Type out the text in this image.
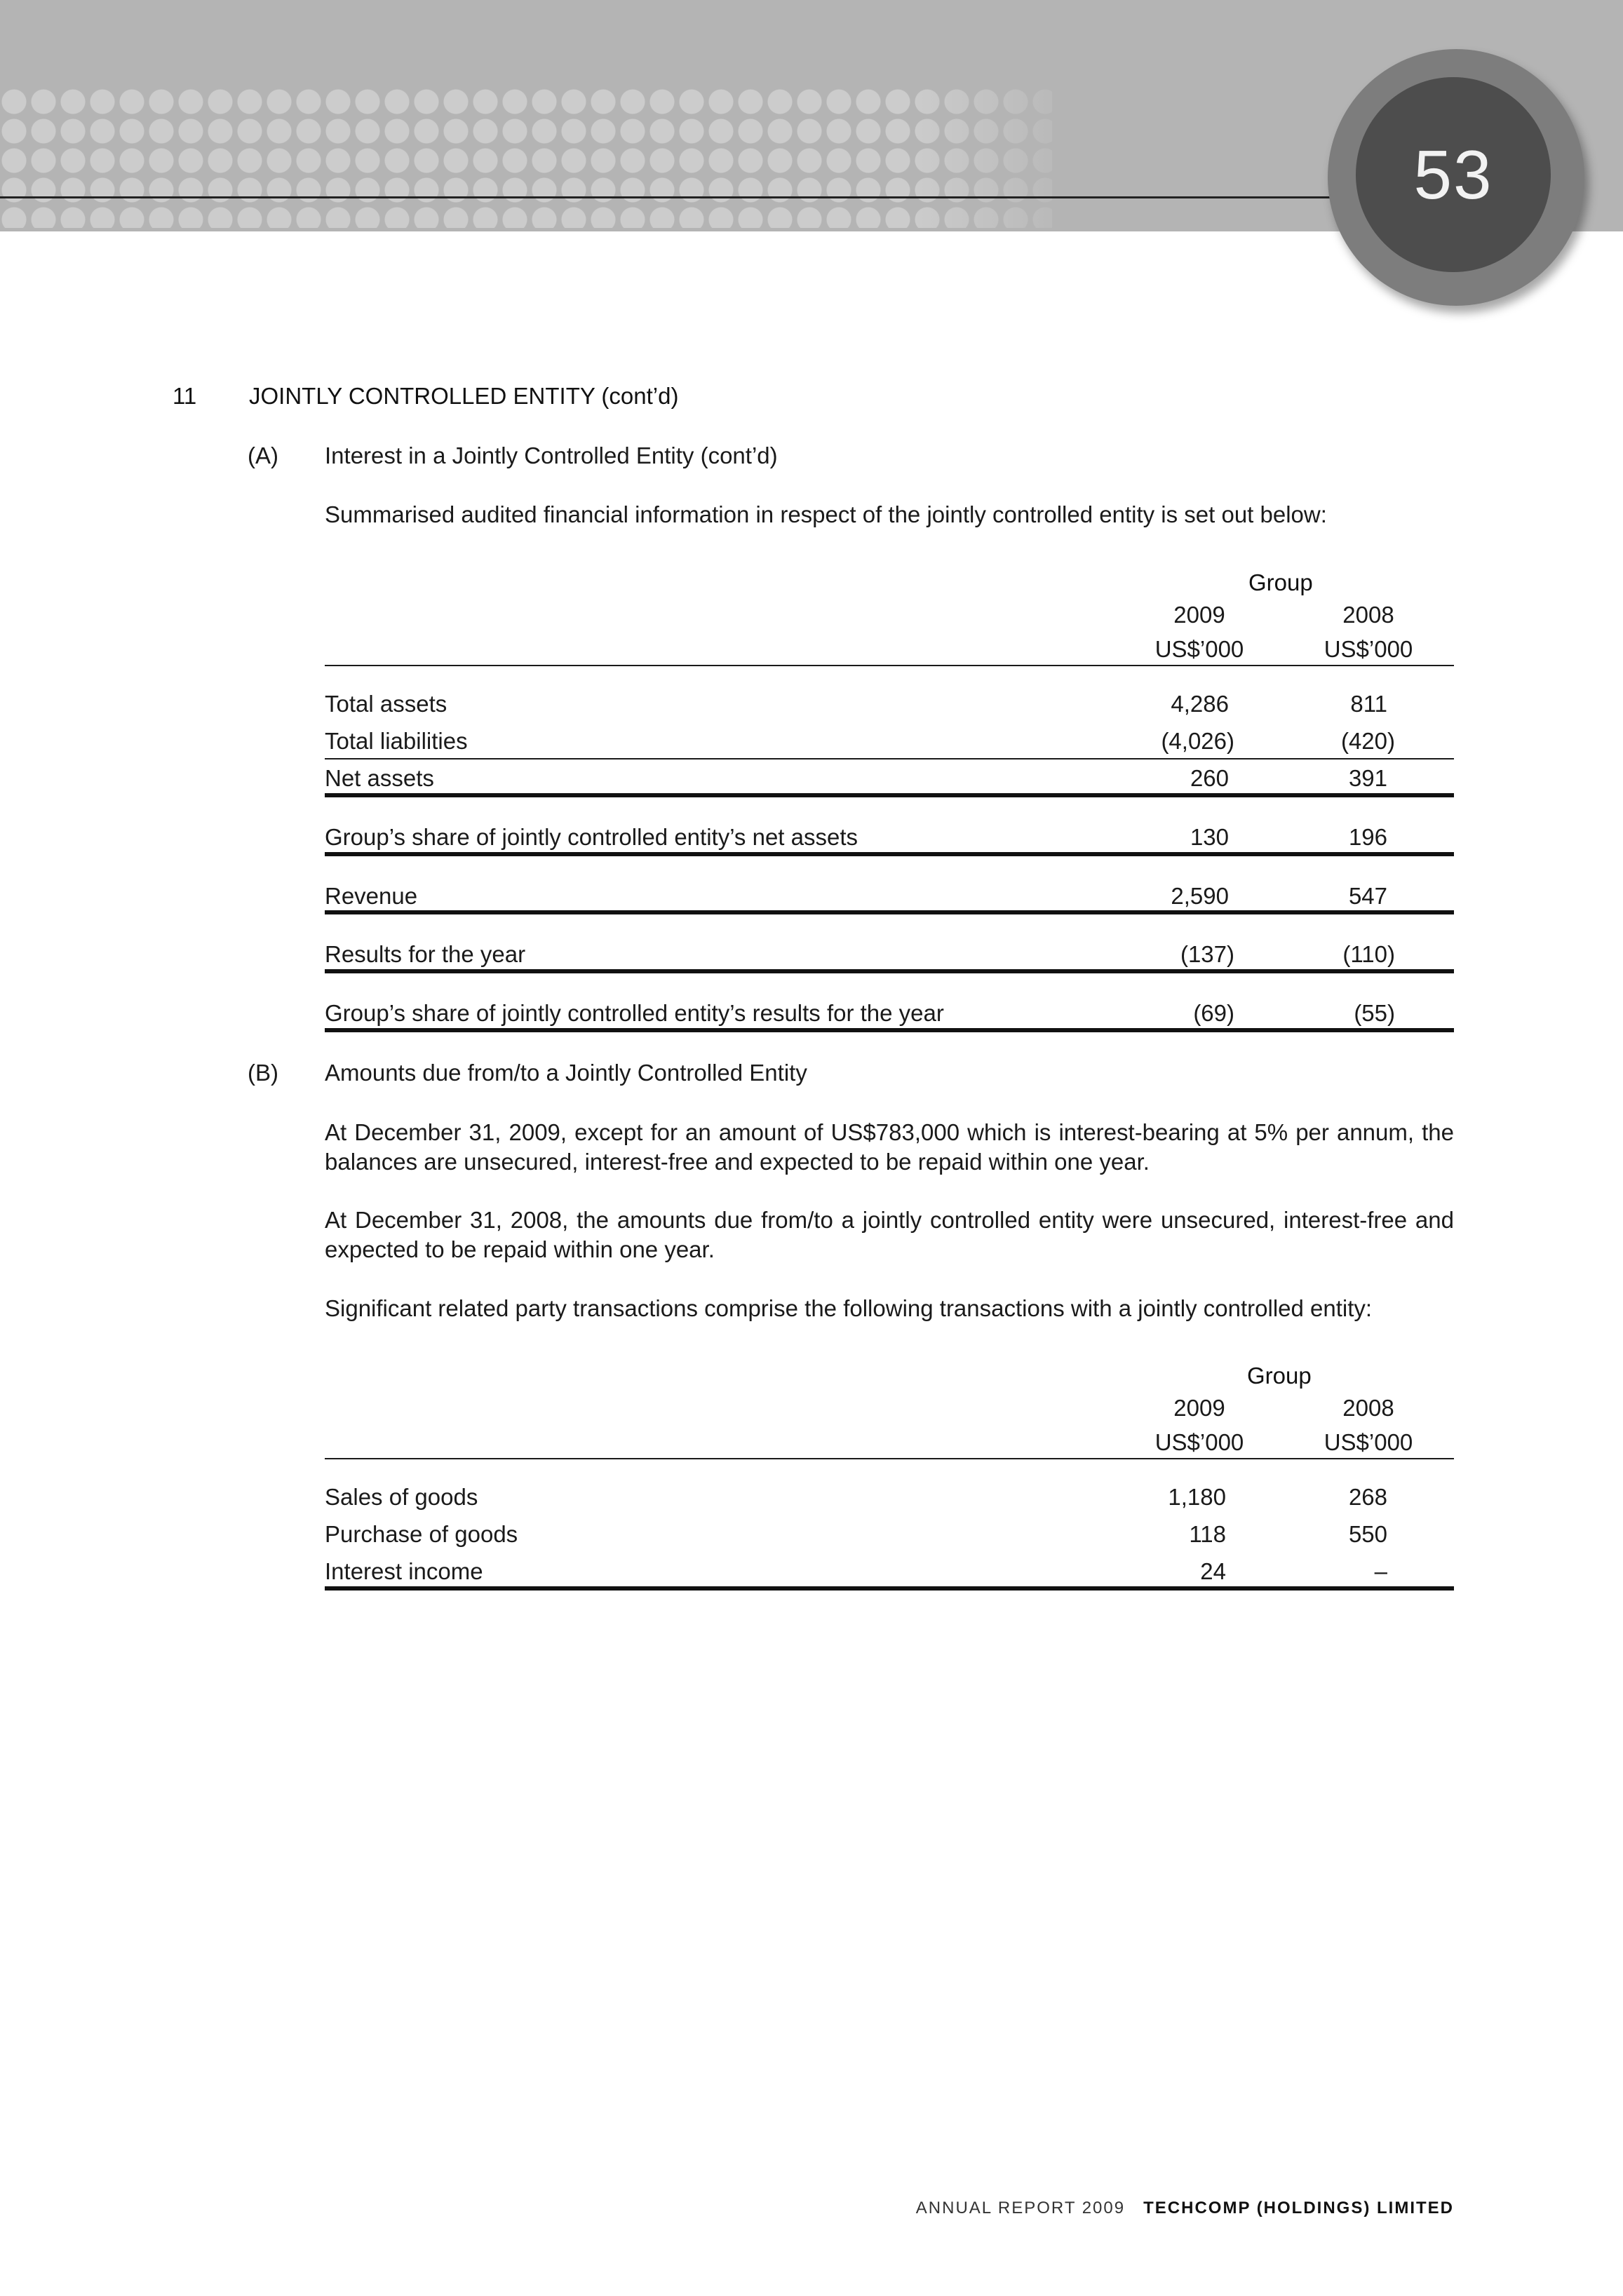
53
11 JOINTLY CONTROLLED ENTITY (cont’d)
(A) Interest in a Jointly Controlled Entity (cont’d)
Summarised audited financial information in respect of the jointly controlled entity is set out below:
Group
2009	2008
US$’000	US$’000
Total assets	4,286	811
Total liabilities	(4,026)	(420)
Net assets	260	391
Group’s share of jointly controlled entity’s net assets	130	196
Revenue	2,590	547
Results for the year	(137)	(110)
Group’s share of jointly controlled entity’s results for the year	(69)	(55)
(B) Amounts due from/to a Jointly Controlled Entity
At December 31, 2009, except for an amount of US$783,000 which is interest-bearing at 5% per annum, the balances are unsecured, interest-free and expected to be repaid within one year.
At December 31, 2008, the amounts due from/to a jointly controlled entity were unsecured, interest-free and expected to be repaid within one year.
Significant related party transactions comprise the following transactions with a jointly controlled entity:
Group
2009	2008
US$’000	US$’000
Sales of goods	1,180	268
Purchase of goods	118	550
Interest income	24	–
ANNUAL REPORT 2009 TECHCOMP (HOLDINGS) LIMITED
